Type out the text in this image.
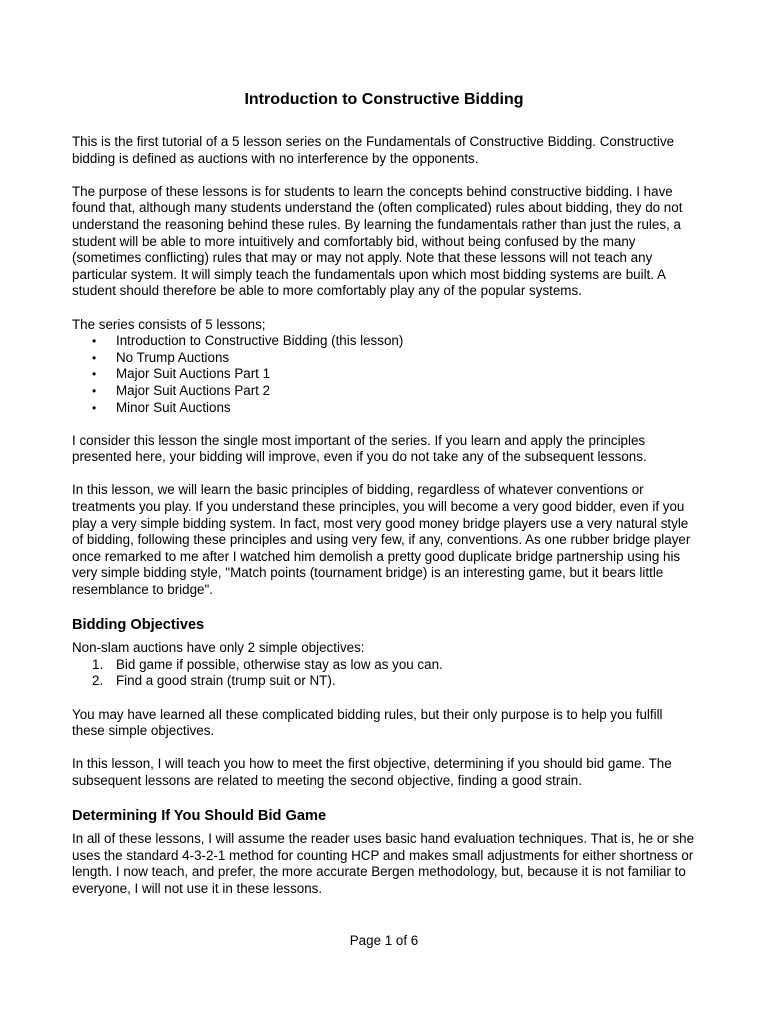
Introduction to Constructive Bidding

This is the first tutorial of a 5 lesson series on the Fundamentals of Constructive Bidding. Constructive bidding is defined as auctions with no interference by the opponents.

The purpose of these lessons is for students to learn the concepts behind constructive bidding. I have found that, although many students understand the (often complicated) rules about bidding, they do not understand the reasoning behind these rules. By learning the fundamentals rather than just the rules, a student will be able to more intuitively and comfortably bid, without being confused by the many (sometimes conflicting) rules that may or may not apply. Note that these lessons will not teach any particular system. It will simply teach the fundamentals upon which most bidding systems are built. A student should therefore be able to more comfortably play any of the popular systems.

The series consists of 5 lessons;

• Introduction to Constructive Bidding (this lesson)
• No Trump Auctions
• Major Suit Auctions Part 1
• Major Suit Auctions Part 2
• Minor Suit Auctions

I consider this lesson the single most important of the series. If you learn and apply the principles presented here, your bidding will improve, even if you do not take any of the subsequent lessons.

In this lesson, we will learn the basic principles of bidding, regardless of whatever conventions or treatments you play. If you understand these principles, you will become a very good bidder, even if you play a very simple bidding system. In fact, most very good money bridge players use a very natural style of bidding, following these principles and using very few, if any, conventions. As one rubber bridge player once remarked to me after I watched him demolish a pretty good duplicate bridge partnership using his very simple bidding style, "Match points (tournament bridge) is an interesting game, but it bears little resemblance to bridge".

Bidding Objectives

Non-slam auctions have only 2 simple objectives:

1. Bid game if possible, otherwise stay as low as you can.
2. Find a good strain (trump suit or NT).

You may have learned all these complicated bidding rules, but their only purpose is to help you fulfill these simple objectives.

In this lesson, I will teach you how to meet the first objective, determining if you should bid game. The subsequent lessons are related to meeting the second objective, finding a good strain.

Determining If You Should Bid Game

In all of these lessons, I will assume the reader uses basic hand evaluation techniques. That is, he or she uses the standard 4-3-2-1 method for counting HCP and makes small adjustments for either shortness or length. I now teach, and prefer, the more accurate Bergen methodology, but, because it is not familiar to everyone, I will not use it in these lessons.

Page 1 of 6
